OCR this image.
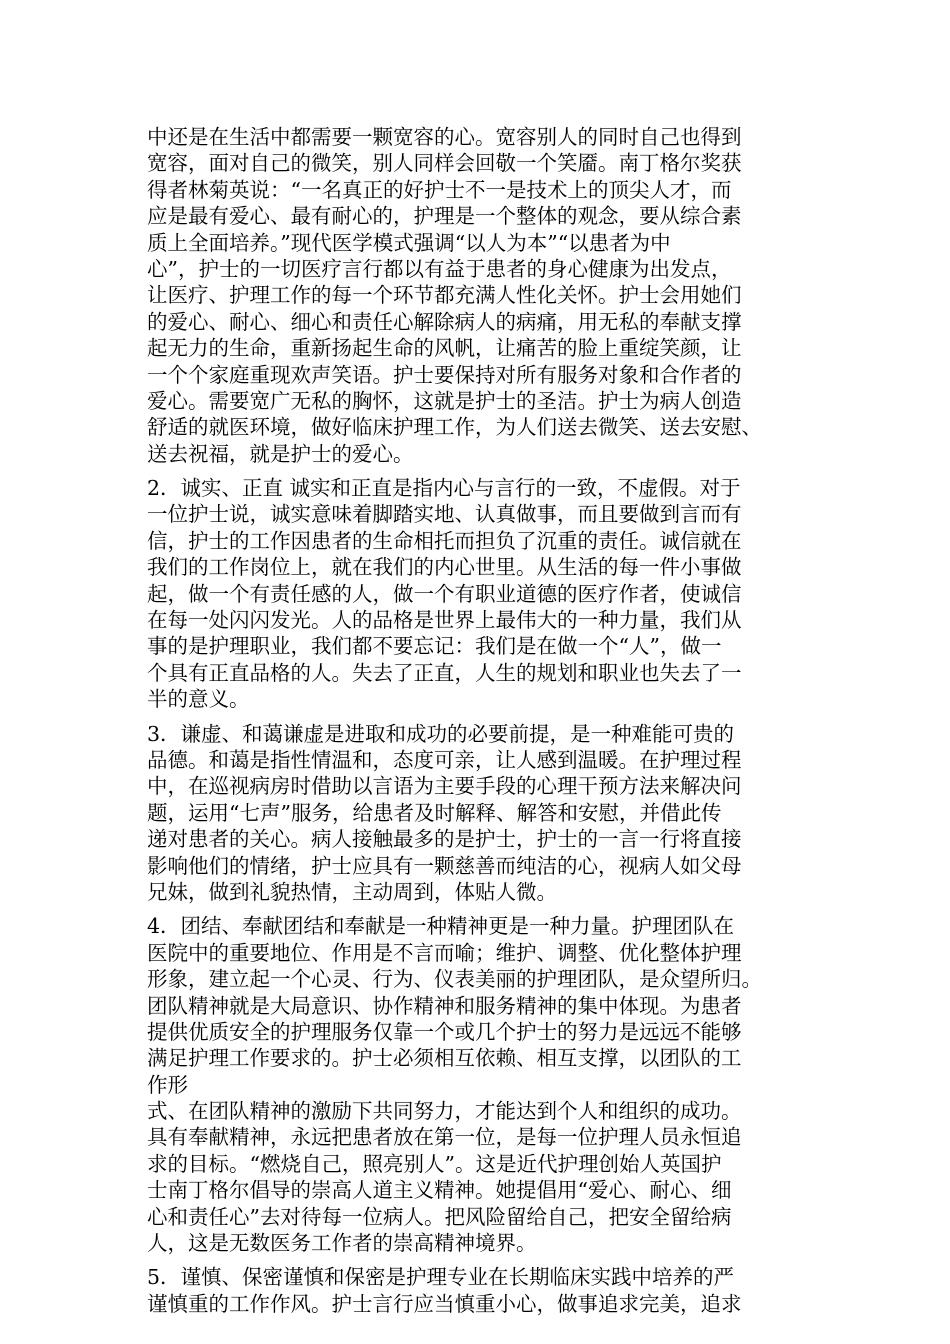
中还是在生活中都需要一颗宽容的心。宽容别人的同时自己也得到
宽容，面对自己的微笑，别人同样会回敬一个笑靥。南丁格尔奖获
得者林菊英说：“一名真正的好护士不一是技术上的顶尖人才，而
应是最有爱心、最有耐心的，护理是一个整体的观念，要从综合素
质上全面培养。”现代医学模式强调“以人为本”“以患者为中
心”，护士的一切医疗言行都以有益于患者的身心健康为出发点，
让医疗、护理工作的每一个环节都充满人性化关怀。护士会用她们
的爱心、耐心、细心和责任心解除病人的病痛，用无私的奉献支撑
起无力的生命，重新扬起生命的风帆，让痛苦的脸上重绽笑颜，让
一个个家庭重现欢声笑语。护士要保持对所有服务对象和合作者的
爱心。需要宽广无私的胸怀，这就是护士的圣洁。护士为病人创造
舒适的就医环境，做好临床护理工作，为人们送去微笑、送去安慰、
送去祝福，就是护士的爱心。
2．诚实、正直 诚实和正直是指内心与言行的一致，不虚假。对于
一位护士说，诚实意味着脚踏实地、认真做事，而且要做到言而有
信，护士的工作因患者的生命相托而担负了沉重的责任。诚信就在
我们的工作岗位上，就在我们的内心世里。从生活的每一件小事做
起，做一个有责任感的人，做一个有职业道德的医疗作者，使诚信
在每一处闪闪发光。人的品格是世界上最伟大的一种力量，我们从
事的是护理职业，我们都不要忘记：我们是在做一个“人”，做一
个具有正直品格的人。失去了正直，人生的规划和职业也失去了一
半的意义。
3．谦虚、和蔼谦虚是进取和成功的必要前提，是一种难能可贵的
品德。和蔼是指性情温和，态度可亲，让人感到温暖。在护理过程
中，在巡视病房时借助以言语为主要手段的心理干预方法来解决问
题，运用“七声”服务，给患者及时解释、解答和安慰，并借此传
递对患者的关心。病人接触最多的是护士，护士的一言一行将直接
影响他们的情绪，护士应具有一颗慈善而纯洁的心，视病人如父母
兄妹，做到礼貌热情，主动周到，体贴人微。
4．团结、奉献团结和奉献是一种精神更是一种力量。护理团队在
医院中的重要地位、作用是不言而喻；维护、调整、优化整体护理
形象，建立起一个心灵、行为、仪表美丽的护理团队，是众望所归。
团队精神就是大局意识、协作精神和服务精神的集中体现。为患者
提供优质安全的护理服务仅靠一个或几个护士的努力是远远不能够
满足护理工作要求的。护士必须相互依赖、相互支撑，以团队的工
作形
式、在团队精神的激励下共同努力，才能达到个人和组织的成功。
具有奉献精神，永远把患者放在第一位，是每一位护理人员永恒追
求的目标。“燃烧自己，照亮别人”。这是近代护理创始人英国护
士南丁格尔倡导的崇高人道主义精神。她提倡用“爱心、耐心、细
心和责任心”去对待每一位病人。把风险留给自己，把安全留给病
人，这是无数医务工作者的崇高精神境界。
5．谨慎、保密谨慎和保密是护理专业在长期临床实践中培养的严
谨慎重的工作作风。护士言行应当慎重小心，做事追求完美，追求
